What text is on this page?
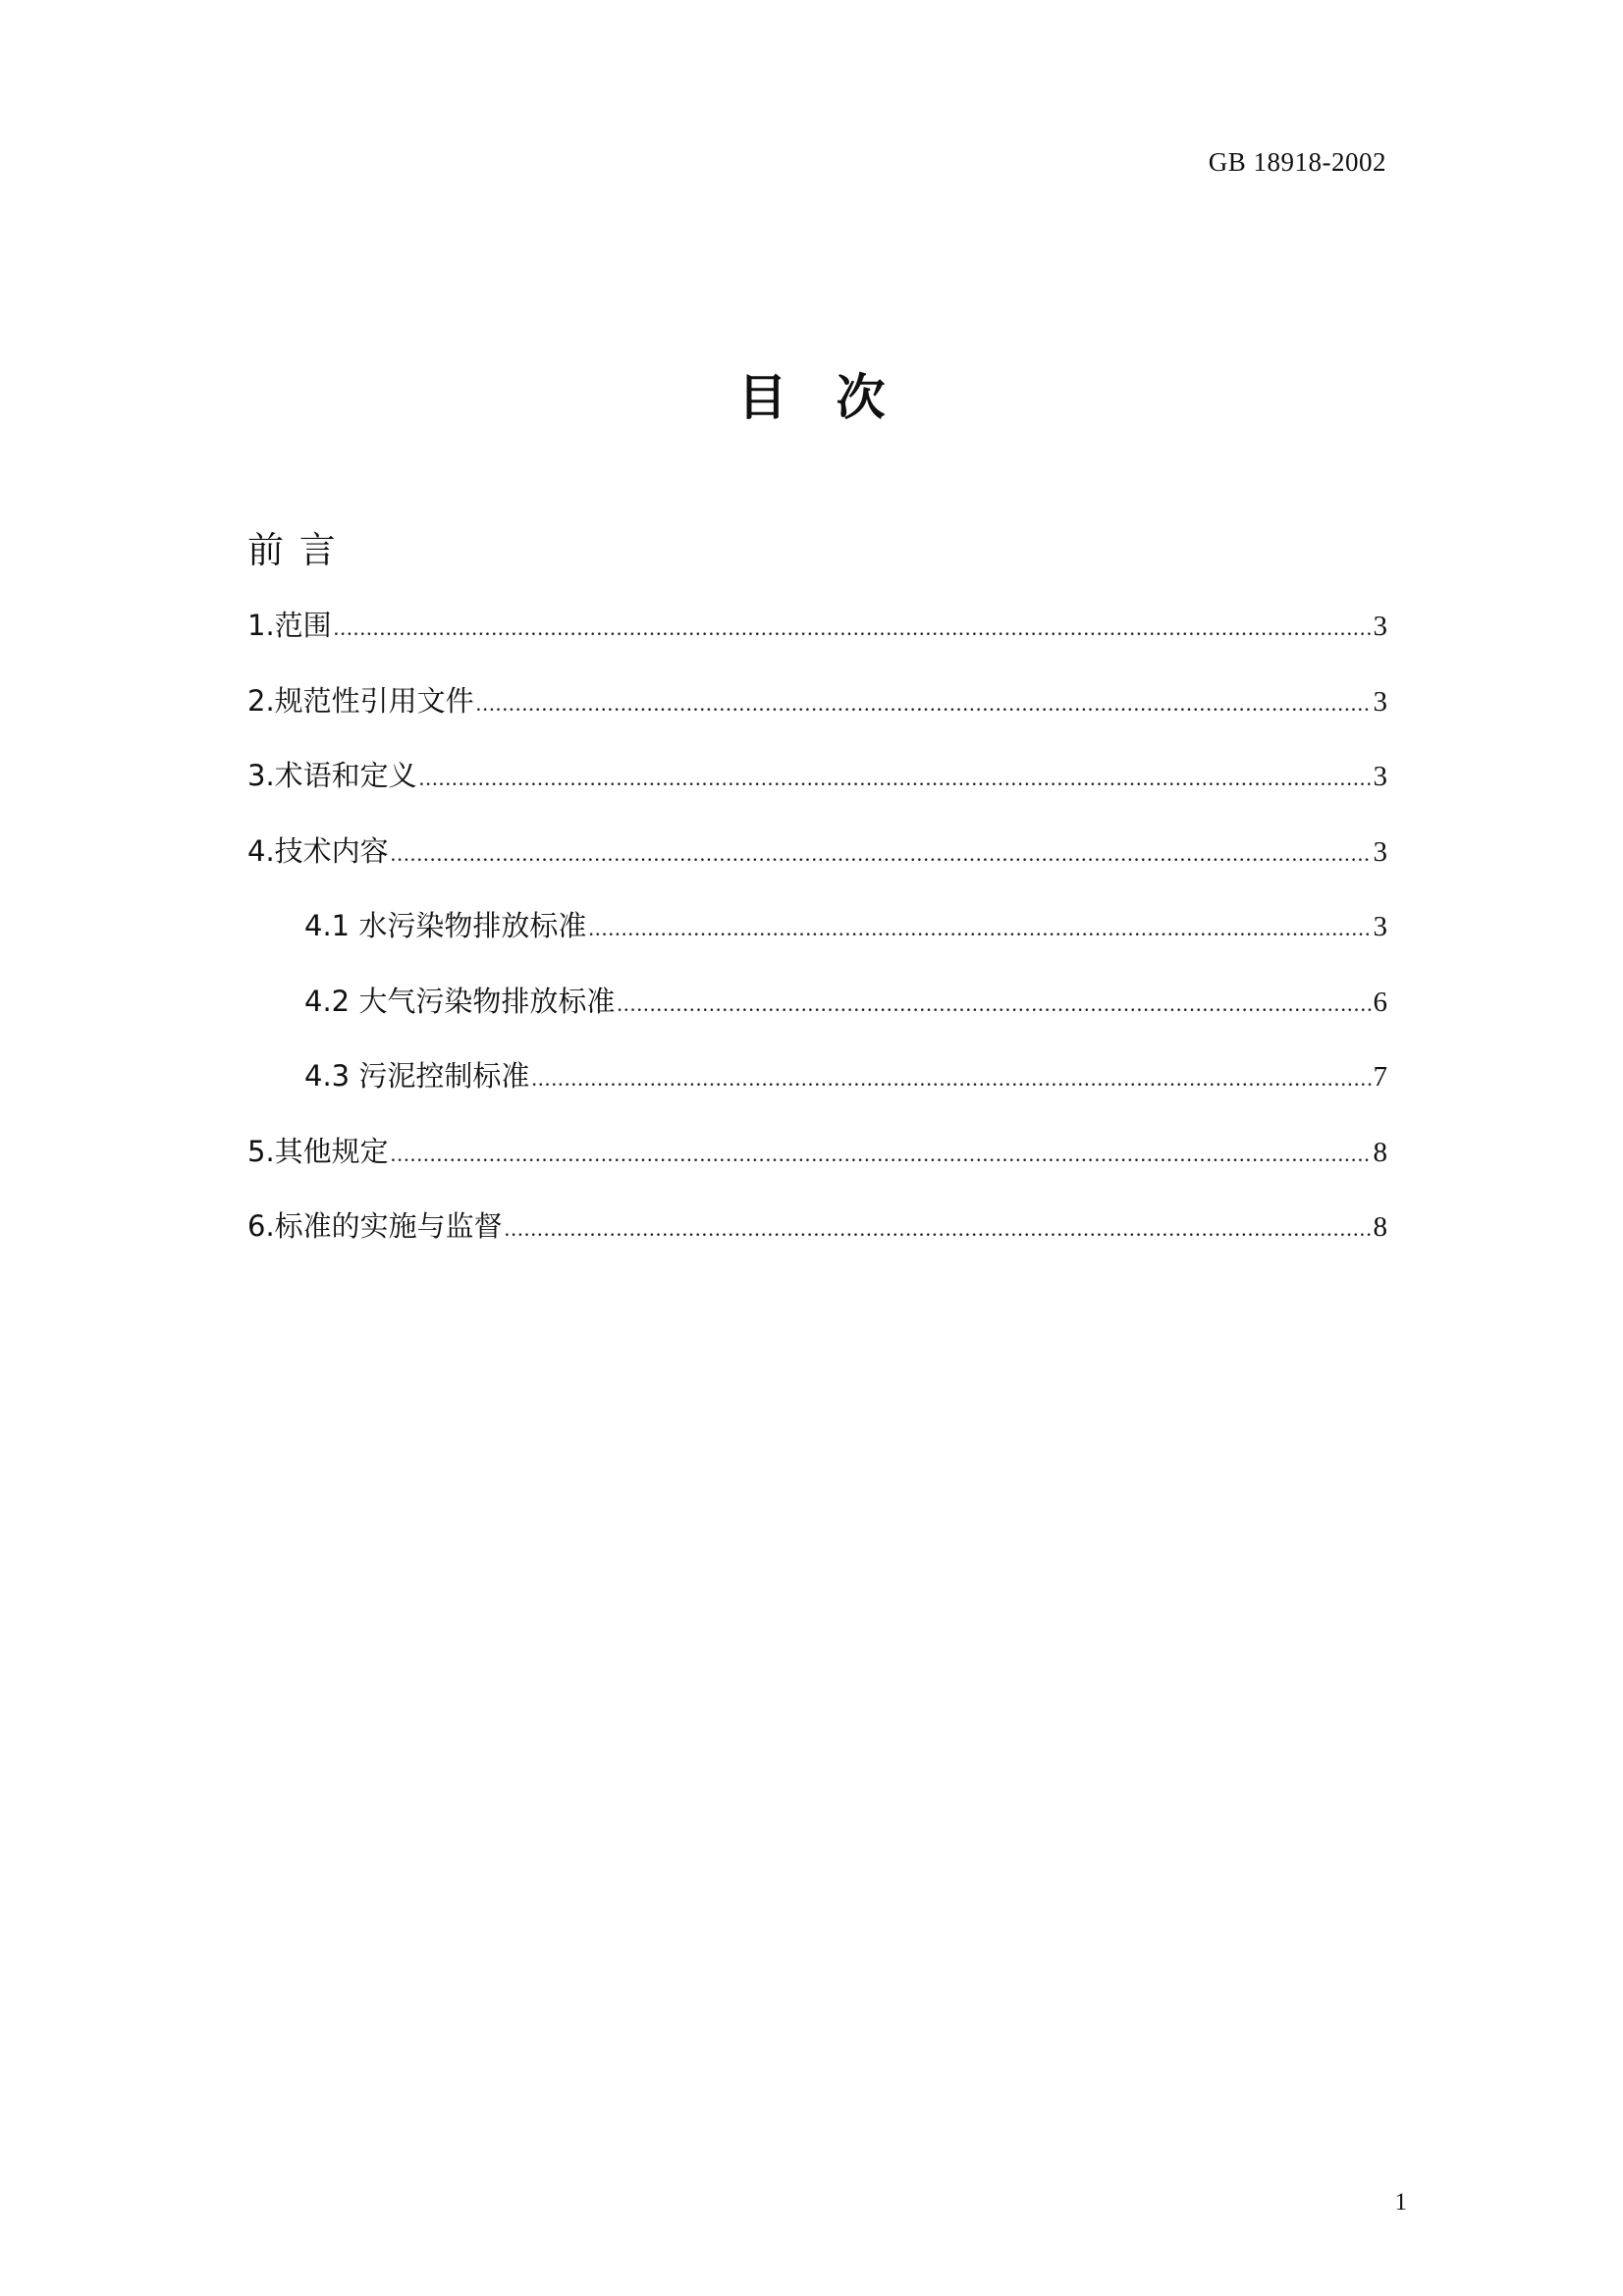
GB 18918-2002
目　次
前 言
1.范围 .....	3
2.规范性引用文件 .....	3
3.术语和定义 .....	3
4.技术内容 .....	3
4.1 水污染物排放标准 .....	3
4.2 大气污染物排放标准 .....	6
4.3 污泥控制标准 .....	7
5.其他规定 .....	8
6.标准的实施与监督 .....	8
1
